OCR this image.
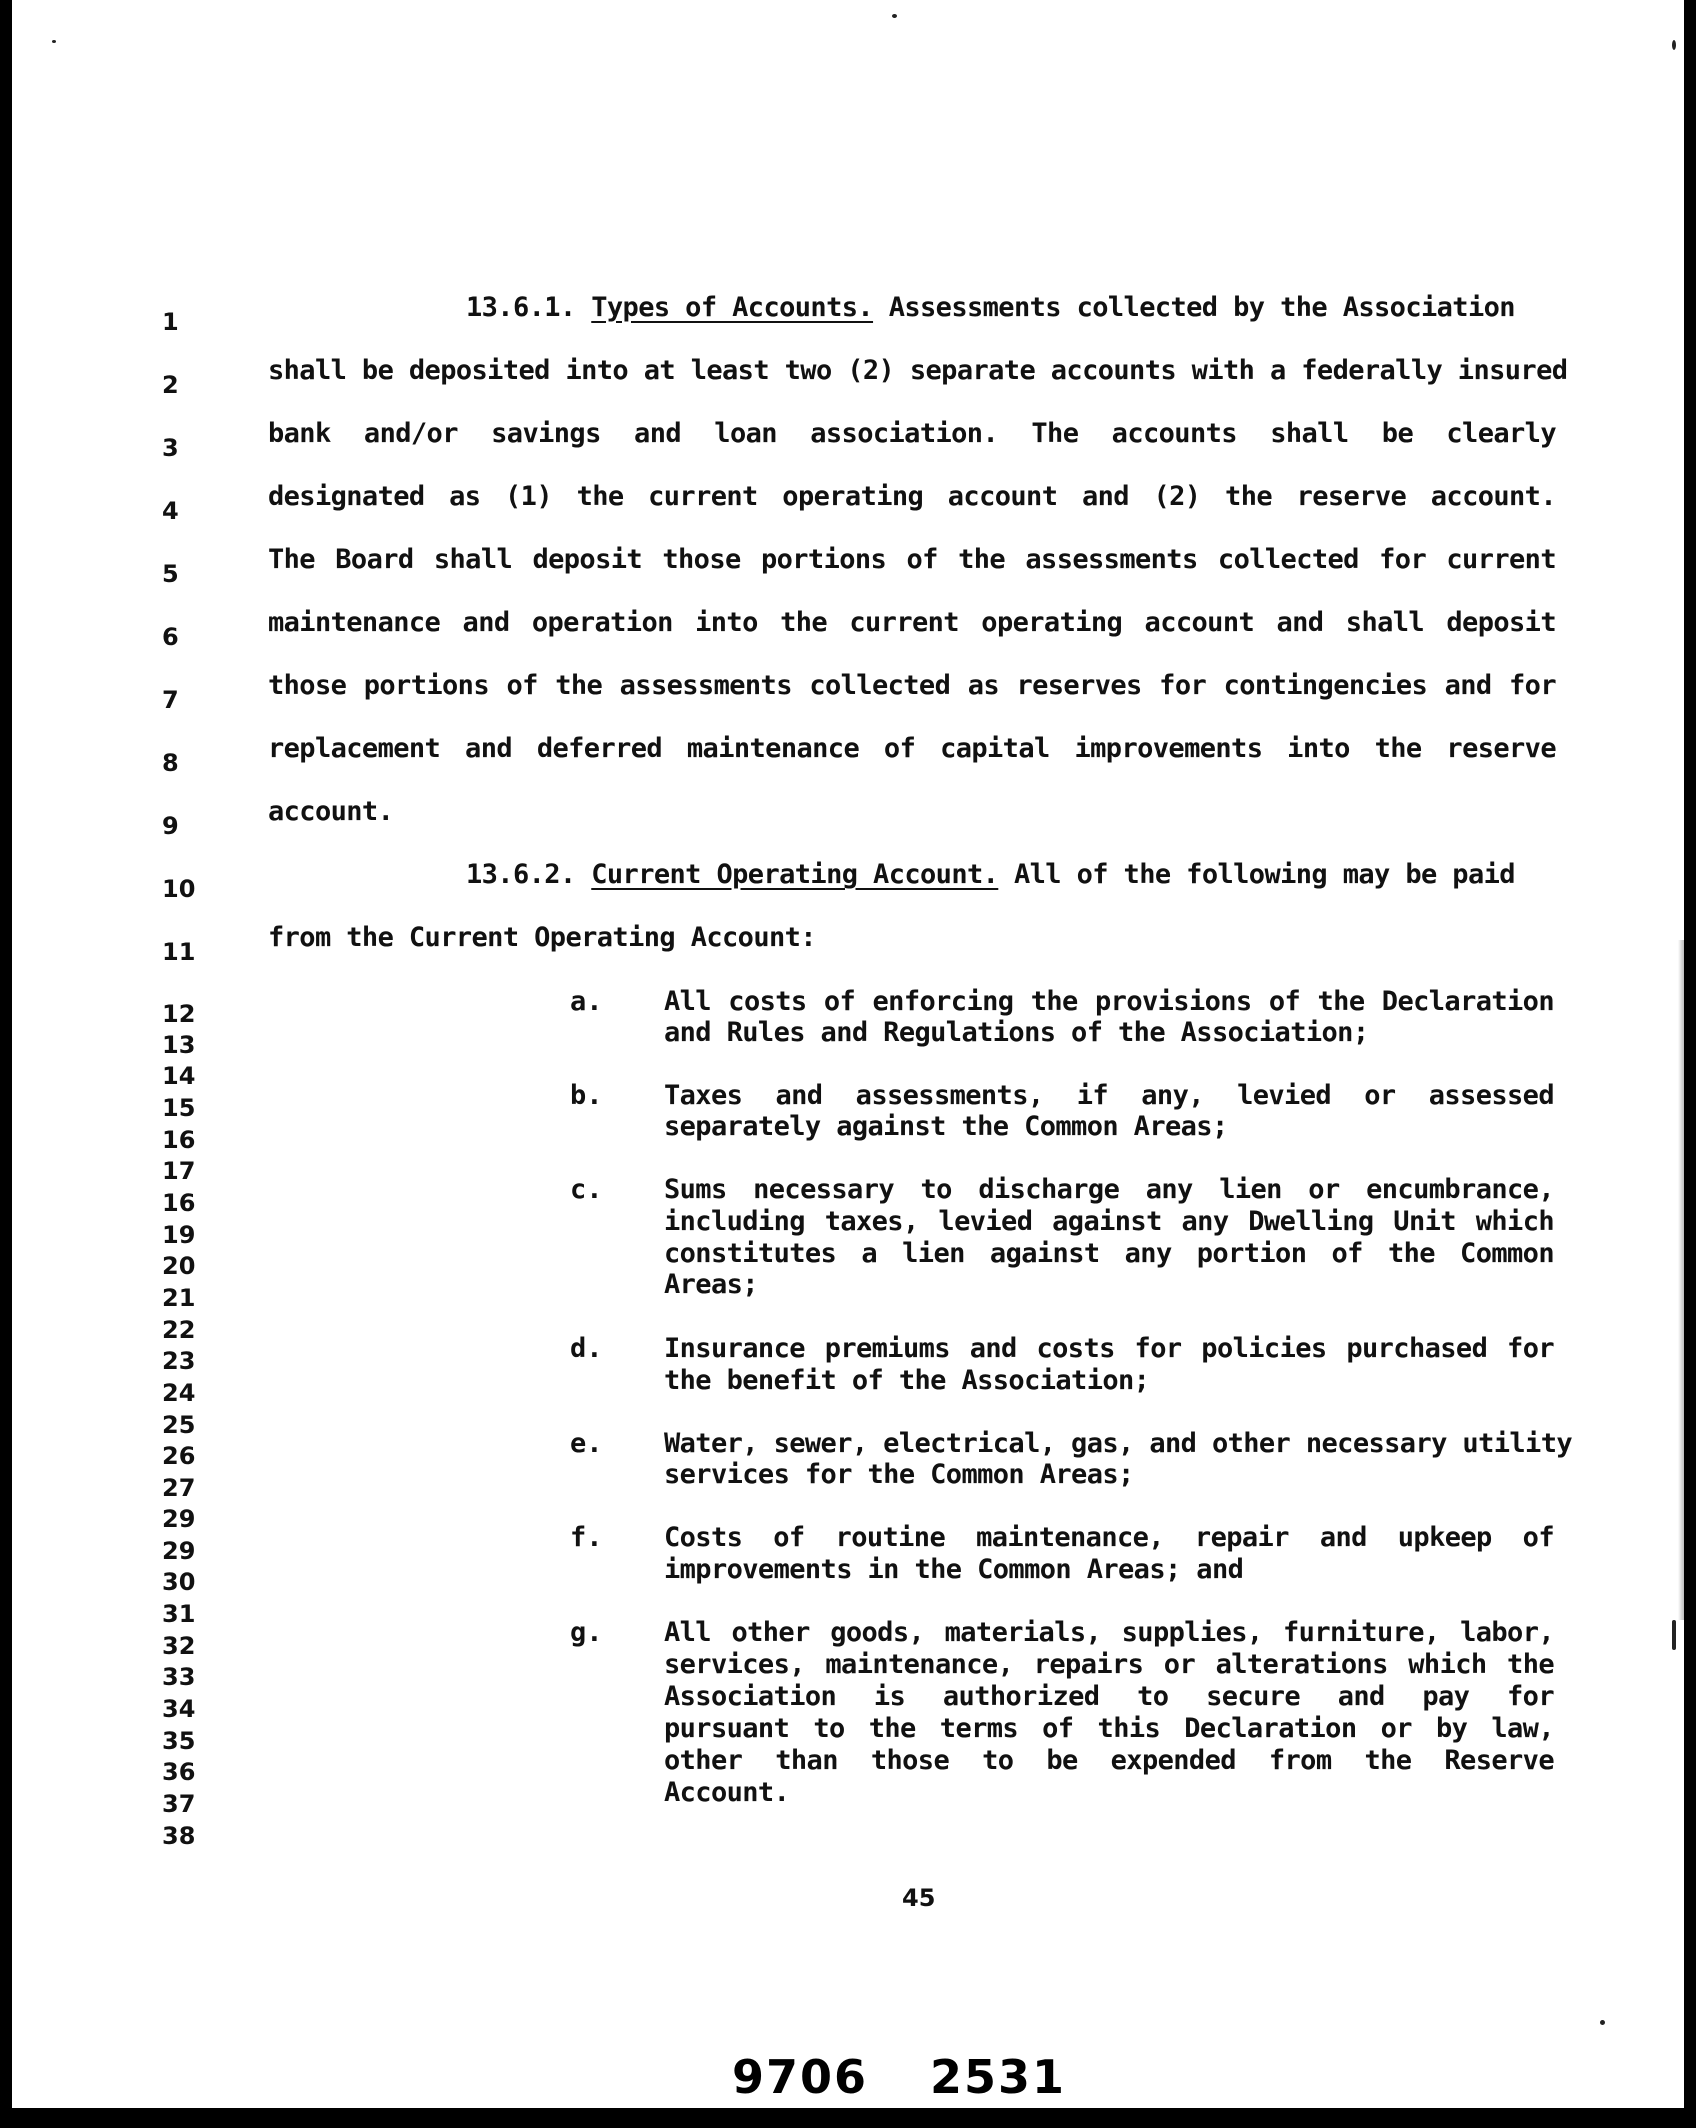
1
2
3
4
5
6
7
8
9
10
11
12
13
14
15
16
17
16
19
20
21
22
23
24
25
26
27
29
29
30
31
32
33
34
35
36
37
38
13.6.1. Types of Accounts. Assessments collected by the Association
shall be deposited into at least two (2) separate accounts with a federally insured
bank and/or savings and loan association. The accounts shall be clearly
designated as (1) the current operating account and (2) the reserve account.
The Board shall deposit those portions of the assessments collected for current
maintenance and operation into the current operating account and shall deposit
those portions of the assessments collected as reserves for contingencies and for
replacement and deferred maintenance of capital improvements into the reserve
account.
13.6.2. Current Operating Account. All of the following may be paid
from the Current Operating Account:
a. All costs of enforcing the provisions of the Declaration
and Rules and Regulations of the Association;
b. Taxes and assessments, if any, levied or assessed
separately against the Common Areas;
c. Sums necessary to discharge any lien or encumbrance,
including taxes, levied against any Dwelling Unit which
constitutes a lien against any portion of the Common
Areas;
d. Insurance premiums and costs for policies purchased for
the benefit of the Association;
e. Water, sewer, electrical, gas, and other necessary utility
services for the Common Areas;
f. Costs of routine maintenance, repair and upkeep of
improvements in the Common Areas; and
g. All other goods, materials, supplies, furniture, labor,
services, maintenance, repairs or alterations which the
Association is authorized to secure and pay for
pursuant to the terms of this Declaration or by law,
other than those to be expended from the Reserve
Account.
45
9706 2531
